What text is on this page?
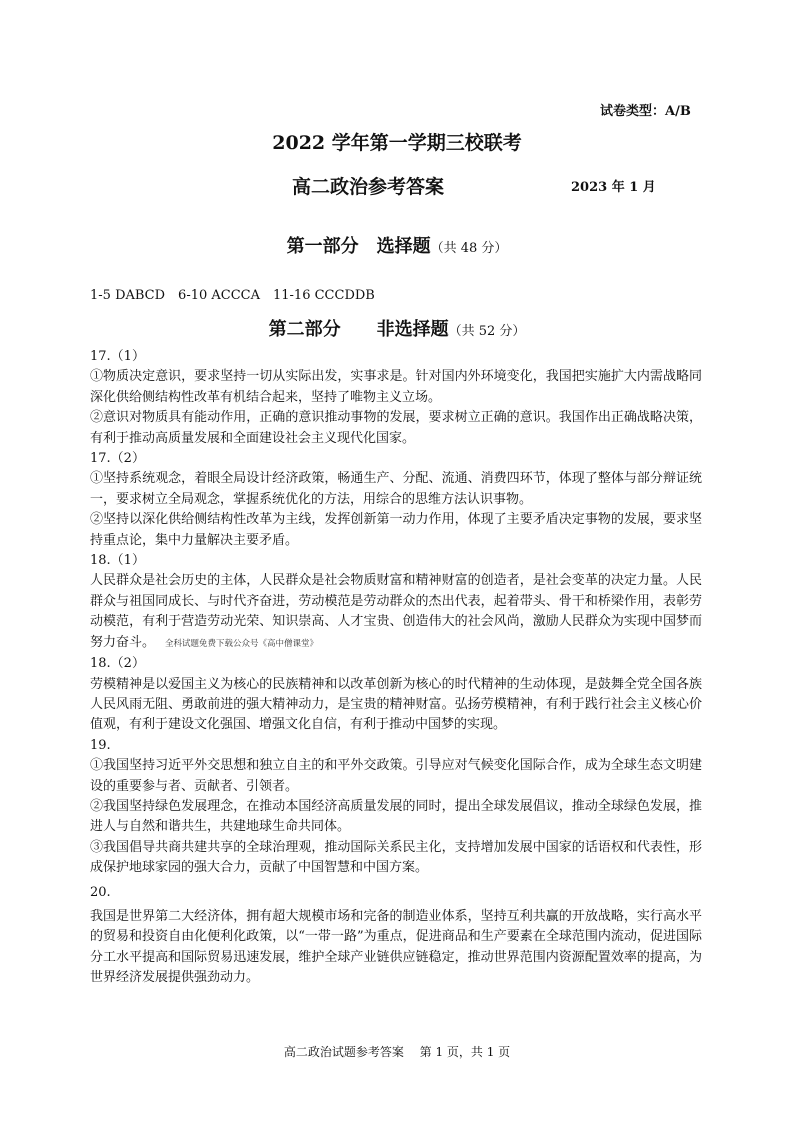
试卷类型：A/B
2022 学年第一学期三校联考
高二政治参考答案	2023 年 1 月
第一部分　选择题（共 48 分）
1-5 DABCD　6-10 ACCCA　11-16 CCCDDB
第二部分　　非选择题（共 52 分）

17.（1）

①物质决定意识，要求坚持一切从实际出发，实事求是。针对国内外环境变化，我国把实施扩大内需战略同深化供给侧结构性改革有机结合起来，坚持了唯物主义立场。

②意识对物质具有能动作用，正确的意识推动事物的发展，要求树立正确的意识。我国作出正确战略决策，有利于推动高质量发展和全面建设社会主义现代化国家。

17.（2）

①坚持系统观念，着眼全局设计经济政策，畅通生产、分配、流通、消费四环节，体现了整体与部分辩证统一，要求树立全局观念，掌握系统优化的方法，用综合的思维方法认识事物。

②坚持以深化供给侧结构性改革为主线，发挥创新第一动力作用，体现了主要矛盾决定事物的发展，要求坚持重点论，集中力量解决主要矛盾。

18.（1）

人民群众是社会历史的主体，人民群众是社会物质财富和精神财富的创造者，是社会变革的决定力量。人民群众与祖国同成长、与时代齐奋进，劳动模范是劳动群众的杰出代表，起着带头、骨干和桥梁作用，表彰劳动模范，有利于营造劳动光荣、知识崇高、人才宝贵、创造伟大的社会风尚，激励人民群众为实现中国梦而努力奋斗。 全科试题免费下载公众号《高中僧课堂》

18.（2）

劳模精神是以爱国主义为核心的民族精神和以改革创新为核心的时代精神的生动体现，是鼓舞全党全国各族人民风雨无阻、勇敢前进的强大精神动力，是宝贵的精神财富。弘扬劳模精神，有利于践行社会主义核心价值观，有利于建设文化强国、增强文化自信，有利于推动中国梦的实现。

19.

①我国坚持习近平外交思想和独立自主的和平外交政策。引导应对气候变化国际合作，成为全球生态文明建设的重要参与者、贡献者、引领者。

②我国坚持绿色发展理念，在推动本国经济高质量发展的同时，提出全球发展倡议，推动全球绿色发展，推进人与自然和谐共生，共建地球生命共同体。

③我国倡导共商共建共享的全球治理观，推动国际关系民主化，支持增加发展中国家的话语权和代表性，形成保护地球家园的强大合力，贡献了中国智慧和中国方案。

20.

我国是世界第二大经济体，拥有超大规模市场和完备的制造业体系，坚持互利共赢的开放战略，实行高水平的贸易和投资自由化便利化政策，以“一带一路”为重点，促进商品和生产要素在全球范围内流动，促进国际分工水平提高和国际贸易迅速发展，维护全球产业链供应链稳定，推动世界范围内资源配置效率的提高，为世界经济发展提供强劲动力。

高二政治试题参考答案　 第 1 页，共 1 页
